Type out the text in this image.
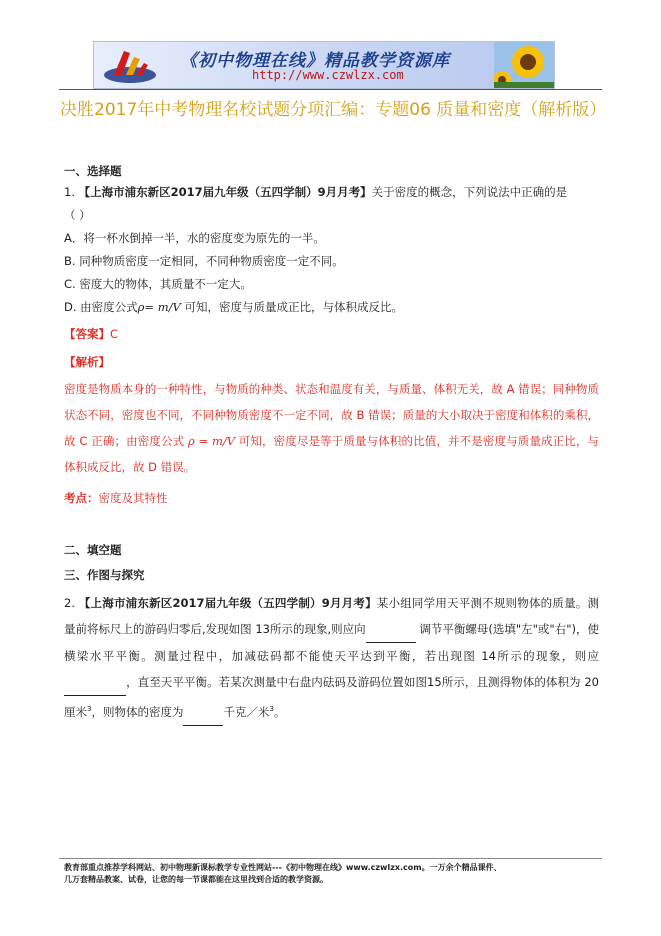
《初中物理在线》精品教学资源库
http://www.czwlzx.com
决胜2017年中考物理名校试题分项汇编：专题06 质量和密度（解析版）
一、选择题
1. 【上海市浦东新区2017届九年级（五四学制）9月月考】关于密度的概念，下列说法中正确的是
（ ）
A．将一杯水倒掉一半，水的密度变为原先的一半。
B. 同种物质密度一定相同，不同种物质密度一定不同。
C. 密度大的物体，其质量不一定大。
D. 由密度公式ρ= m/V 可知，密度与质量成正比，与体积成反比。
【答案】C
【解析】
密度是物质本身的一种特性，与物质的种类、状态和温度有关，与质量、体积无关，故 A 错误；同种物质状态不同，密度也不同，不同种物质密度不一定不同，故 B 错误；质量的大小取决于密度和体积的乘积，故 C 正确；由密度公式 ρ = m/V 可知，密度尽是等于质量与体积的比值，并不是密度与质量成正比，与体积成反比，故 D 错误。
考点：密度及其特性
二、填空题
三、作图与探究
2. 【上海市浦东新区2017届九年级（五四学制）9月月考】某小组同学用天平测不规则物体的质量。测量前将标尺上的游码归零后,发现如图 13所示的现象,则应向	调节平衡螺母(选填"左"或"右")，使横梁水平平衡。测量过程中，加减砝码都不能使天平达到平衡，若出现图 14所示的现象，则应 ，直至天平平衡。若某次测量中右盘内砝码及游码位置如图15所示，且测得物体的体积为 20厘米$^3$，则物体的密度为	千克／米$^3$。
教育部重点推荐学科网站、初中物理新课标教学专业性网站---《初中物理在线》www.czwlzx.com。一万余个精品课件、
几万套精品教案、试卷，让您的每一节课都能在这里找到合适的教学资源。
